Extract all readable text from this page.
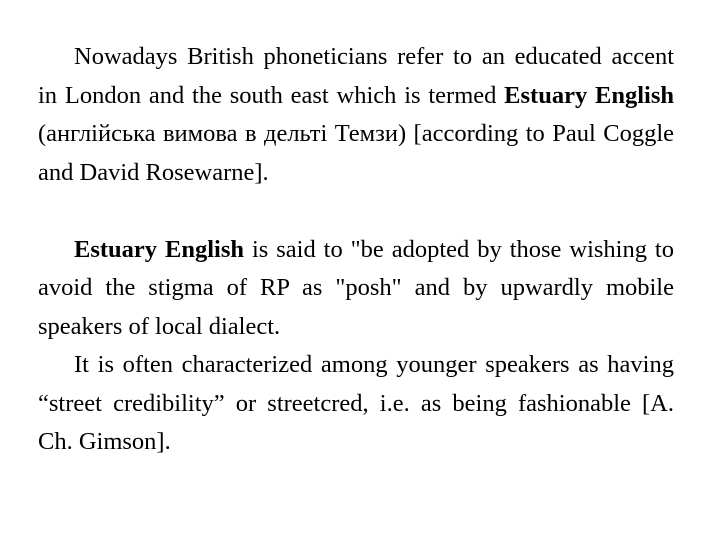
Nowadays British phoneticians refer to an educated accent in London and the south east which is termed Estuary English (англійська вимова в дельті Темзи) [according to Paul Coggle and David Rosewarne].

Estuary English is said to "be adopted by those wishing to avoid the stigma of RP as "posh" and by upwardly mobile speakers of local dialect.

It is often characterized among younger speakers as having “street credibility” or streetcred, i.e. as being fashionable [A. Ch. Gimson].
